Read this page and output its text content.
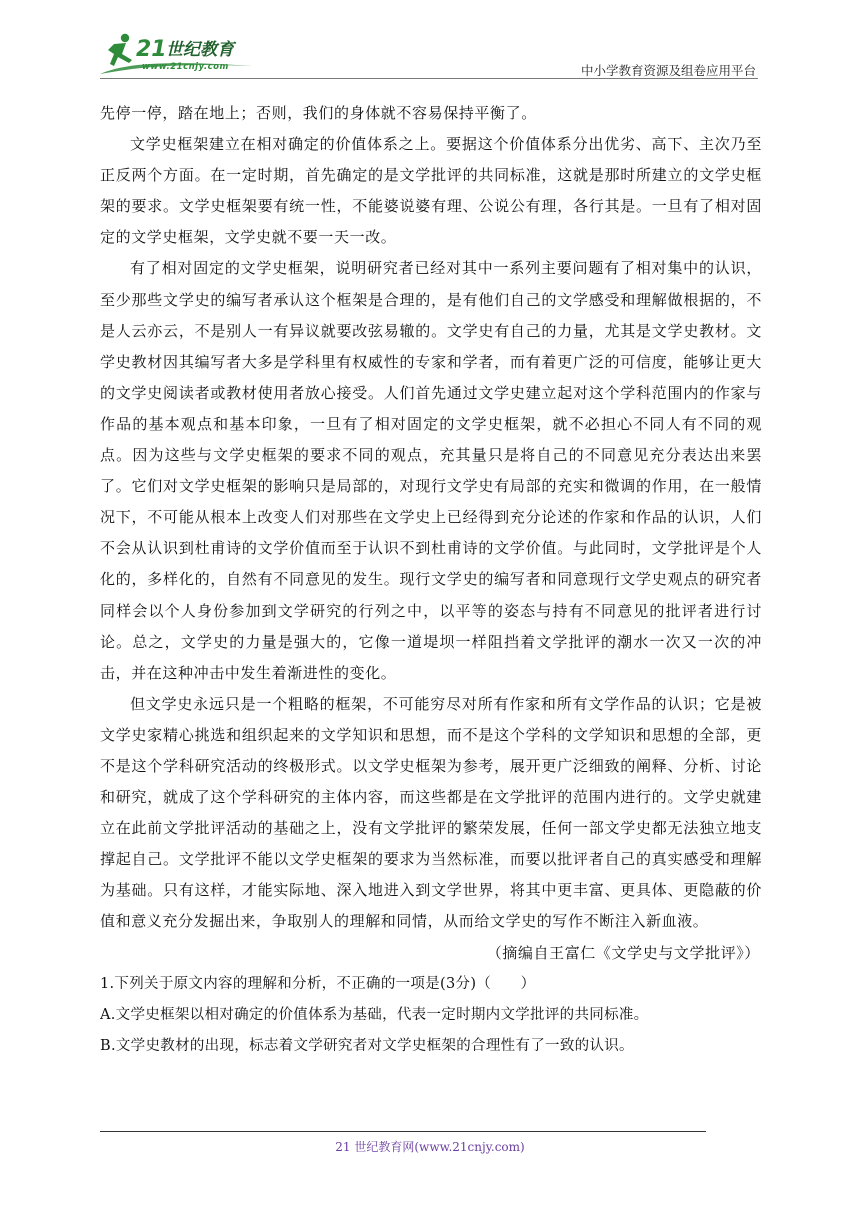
21 世纪教育
www.21cnjy.com	中小学教育资源及组卷应用平台

先停一停，踏在地上；否则，我们的身体就不容易保持平衡了。

文学史框架建立在相对确定的价值体系之上。要据这个价值体系分出优劣、高下、主次乃至正反两个方面。在一定时期，首先确定的是文学批评的共同标准，这就是那时所建立的文学史框架的要求。文学史框架要有统一性，不能婆说婆有理、公说公有理，各行其是。一旦有了相对固定的文学史框架，文学史就不要一天一改。

有了相对固定的文学史框架，说明研究者已经对其中一系列主要问题有了相对集中的认识，至少那些文学史的编写者承认这个框架是合理的，是有他们自己的文学感受和理解做根据的，不是人云亦云，不是别人一有异议就要改弦易辙的。文学史有自己的力量，尤其是文学史教材。文学史教材因其编写者大多是学科里有权威性的专家和学者，而有着更广泛的可信度，能够让更大的文学史阅读者或教材使用者放心接受。人们首先通过文学史建立起对这个学科范围内的作家与作品的基本观点和基本印象，一旦有了相对固定的文学史框架，就不必担心不同人有不同的观点。因为这些与文学史框架的要求不同的观点，充其量只是将自己的不同意见充分表达出来罢了。它们对文学史框架的影响只是局部的，对现行文学史有局部的充实和微调的作用，在一般情况下，不可能从根本上改变人们对那些在文学史上已经得到充分论述的作家和作品的认识，人们不会从认识到杜甫诗的文学价值而至于认识不到杜甫诗的文学价值。与此同时，文学批评是个人化的，多样化的，自然有不同意见的发生。现行文学史的编写者和同意现行文学史观点的研究者同样会以个人身份参加到文学研究的行列之中，以平等的姿态与持有不同意见的批评者进行讨论。总之，文学史的力量是强大的，它像一道堤坝一样阻挡着文学批评的潮水一次又一次的冲击，并在这种冲击中发生着渐进性的变化。

但文学史永远只是一个粗略的框架，不可能穷尽对所有作家和所有文学作品的认识；它是被文学史家精心挑选和组织起来的文学知识和思想，而不是这个学科的文学知识和思想的全部，更不是这个学科研究活动的终极形式。以文学史框架为参考，展开更广泛细致的阐释、分析、讨论和研究，就成了这个学科研究的主体内容，而这些都是在文学批评的范围内进行的。文学史就建立在此前文学批评活动的基础之上，没有文学批评的繁荣发展，任何一部文学史都无法独立地支撑起自己。文学批评不能以文学史框架的要求为当然标准，而要以批评者自己的真实感受和理解为基础。只有这样，才能实际地、深入地进入到文学世界，将其中更丰富、更具体、更隐蔽的价值和意义充分发掘出来，争取别人的理解和同情，从而给文学史的写作不断注入新血液。

（摘编自王富仁《文学史与文学批评》）

1.下列关于原文内容的理解和分析，不正确的一项是(3分)（　　）

A.文学史框架以相对确定的价值体系为基础，代表一定时期内文学批评的共同标准。

B.文学史教材的出现，标志着文学研究者对文学史框架的合理性有了一致的认识。

21 世纪教育网(www.21cnjy.com)
